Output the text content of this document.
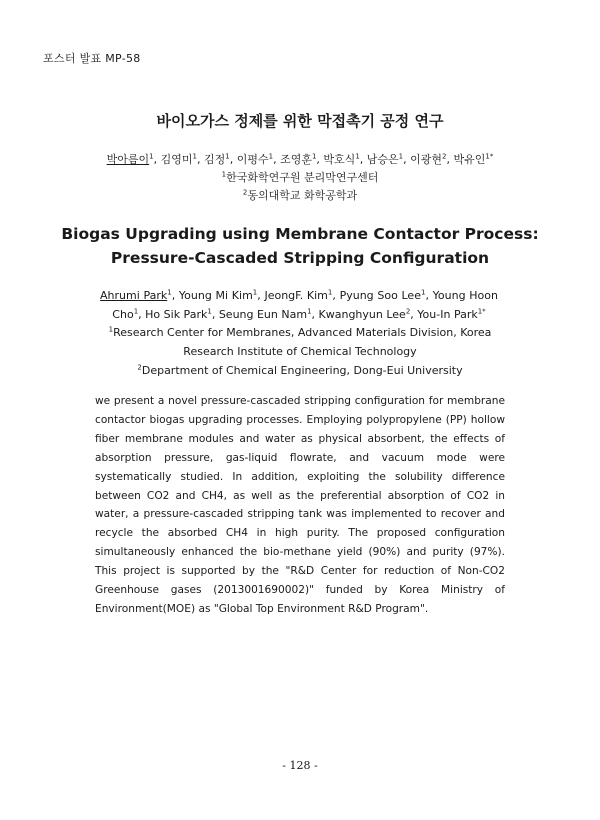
포스터 발표 MP-58
바이오가스 정제를 위한 막접촉기 공정 연구
박아름이$^1$, 김영미$^1$, 김정$^1$, 이평수$^1$, 조영훈$^1$, 박호식$^1$, 남승은$^1$, 이광현$^2$, 박유인$^{1*}$
$^1$한국화학연구원 분리막연구센터
$^2$동의대학교 화학공학과
Biogas Upgrading using Membrane Contactor Process:
Pressure-Cascaded Stripping Configuration
Ahrumi Park$^1$, Young Mi Kim$^1$, JeongF. Kim$^1$, Pyung Soo Lee$^1$, Young Hoon Cho$^1$, Ho Sik Park$^1$, Seung Eun Nam$^1$, Kwanghyun Lee$^2$, You-In Park$^{1*}$
$^1$Research Center for Membranes, Advanced Materials Division, Korea
Research Institute of Chemical Technology
$^2$Department of Chemical Engineering, Dong-Eui University

we present a novel pressure-cascaded stripping configuration for membrane contactor biogas upgrading processes. Employing polypropylene (PP) hollow fiber membrane modules and water as physical absorbent, the effects of absorption pressure, gas-liquid flowrate, and vacuum mode were systematically studied. In addition, exploiting the solubility difference between CO2 and CH4, as well as the preferential absorption of CO2 in water, a pressure-cascaded stripping tank was implemented to recover and recycle the absorbed CH4 in high purity. The proposed configuration simultaneously enhanced the bio-methane yield (90%) and purity (97%). This project is supported by the "R&D Center for reduction of Non-CO2 Greenhouse gases (201300169000​2)" funded by Korea Ministry of Environment(MOE) as "Global Top Environment R&D Program".

- 128 -
